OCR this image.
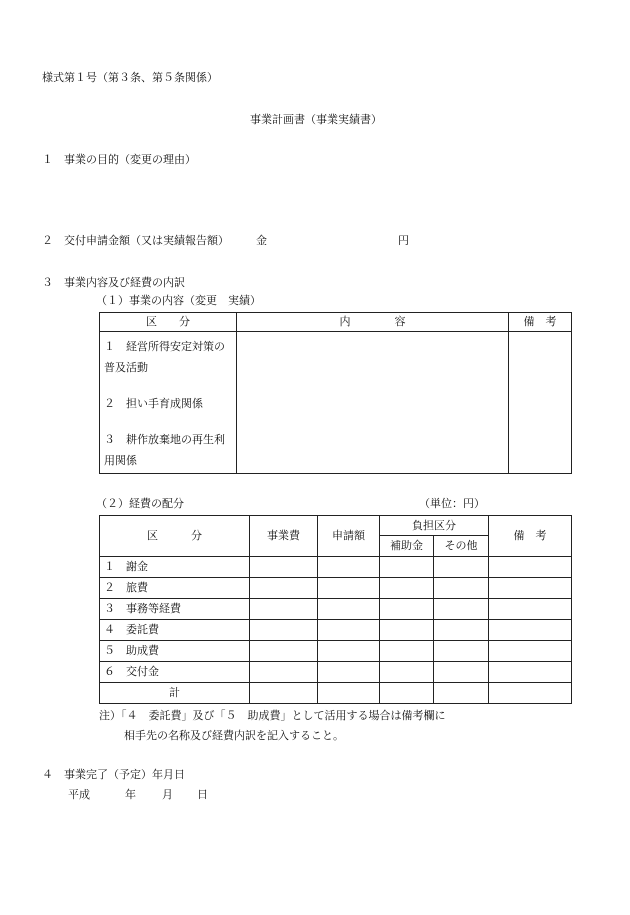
様式第１号（第３条、第５条関係）
事業計画書（事業実績書）
１　事業の目的（変更の理由）
２　交付申請金額（又は実績報告額） 金	円
３　事業内容及び経費の内訳
（１）事業の内容（変更　実績）
区　　分	内　　　　容	備　考

１　経営所得安定対策の普及活動
２　担い手育成関係
３　耕作放棄地の再生利用関係		

（２）経費の配分	（単位：円）
区　　　分	事業費	申請額	負担区分		備　考
			補助金	その他	
１　謝金					
２　旅費					
３　事務等経費					
４　委託費					
５　助成費					
６　交付金					
計					
注）「４　委託費」及び「５　助成費」として活用する場合は備考欄に
相手先の名称及び経費内訳を記入すること。
４　事業完了（予定）年月日
平成	年 月 日
